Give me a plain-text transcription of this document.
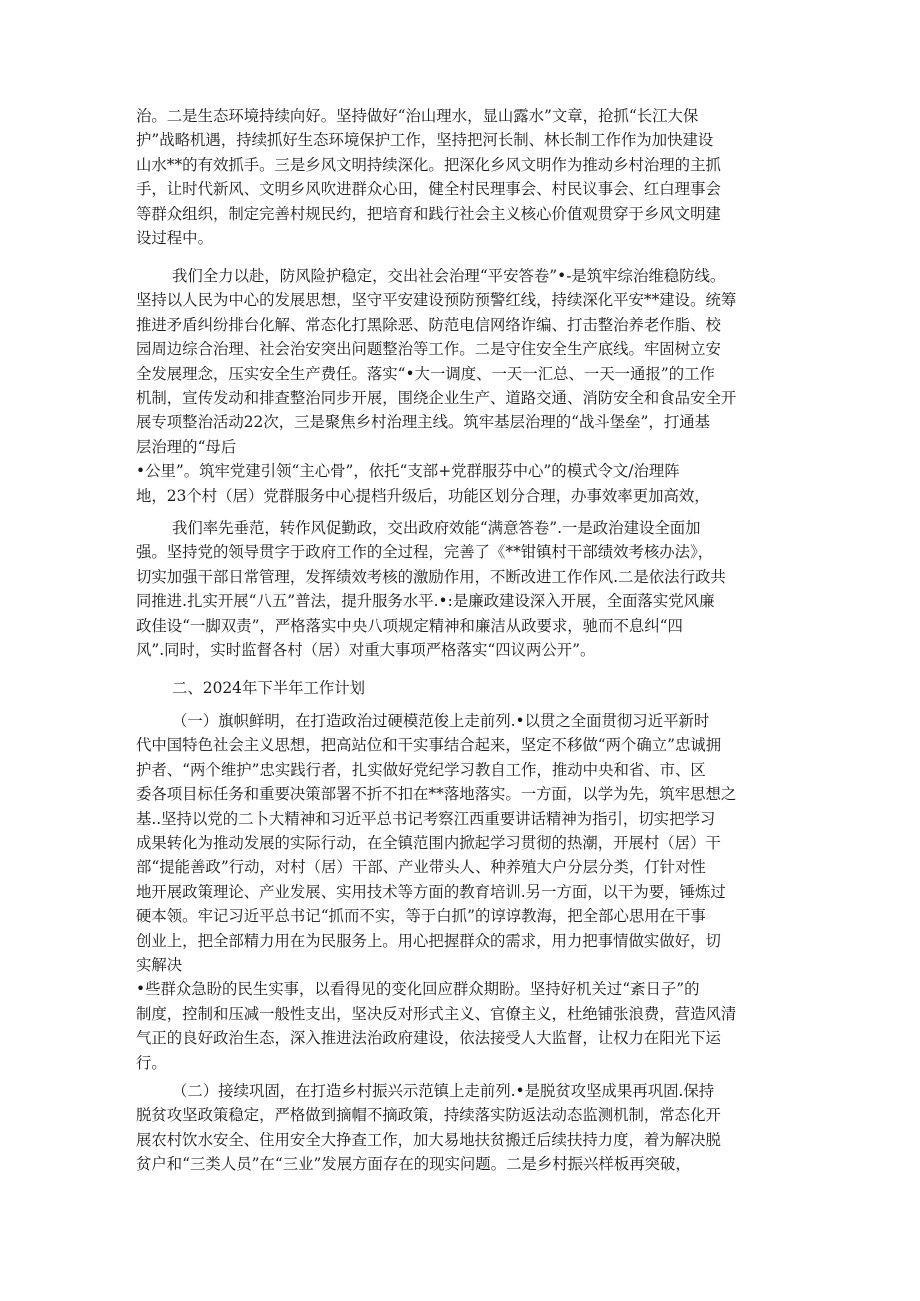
治。二是生态环境持续向好。坚持做好“治山理水，显山露水”文章，抢抓“长江大保
护”战略机遇，持续抓好生态环境保护工作，坚持把河长制、林长制工作作为加快建设
山水**的有效抓手。三是乡风文明持续深化。把深化乡风文明作为推动乡村治理的主抓
手，让时代新风、文明乡风吹进群众心田，健全村民理事会、村民议事会、红白理事会
等群众组织，制定完善村规民约，把培育和践行社会主义核心价值观贯穿于乡风文明建
设过程中。
我们全力以赴，防风险护稳定，交出社会治理“平安答卷”•-是筑牢综治维稳防线。
坚持以人民为中心的发展思想，坚守平安建设预防预警红线，持续深化平安**建设。统筹
推进矛盾纠纷排台化解、常态化打黑除恶、防范电信网络诈编、打击整治养老作脂、校
园周边综合治理、社会治安突出问题整治等工作。二是守住安全生产底线。牢固树立安
全发展理念，压实安全生产费任。落实“•大一调度、一天一汇总、一天一通报”的工作
机制，宣传发动和排查整治同步开展，围绕企业生产、道路交通、消防安全和食品安全开
展专项整治活动22次，三是聚焦乡村治理主线。筑牢基层治理的“战斗堡垒”，打通基
层治理的“母后
•公里”。筑牢党建引领“主心骨”，依托“支部+党群服芬中心”的模式令文/治理阵
地，23个村（居）党群服务中心提档升级后，功能区划分合理，办事效率更加高效，
我们率先垂范，转作风促勤政，交出政府效能“满意答卷”.一是政治建设全面加
强。坚持党的领导贯字于政府工作的全过程，完善了《**钳镇村干部绩效考核办法》，
切实加强干部日常管理，发挥绩效考核的激励作用，不断改进工作作风.二是依法行政共
同推进.扎实开展“八五”普法，提升服务水平.•:是廉政建设深入开展，全面落实党风廉
政佳设“一脚双责”，严格落实中央八项规定精神和廉洁从政要求，驰而不息纠“四
风”.同时，实时监督各村（居）对重大事项严格落实“四议两公开”。
二、2024年下半年工作计划
（一）旗帜鲜明，在打造政治过硬模范俊上走前列.•以贯之全面贯彻习近平新时
代中国特色社会主义思想，把高站位和干实事结合起来，坚定不移做“两个确立”忠诚拥
护者、“两个维护”忠实践行者，扎实做好党纪学习教自工作，推动中央和省、市、区
委各项目标任务和重要决策部署不折不扣在**落地落实。一方面，以学为先，筑牢思想之
基..坚持以党的二卜大精神和习近平总书记考察江西重要讲话精神为指引，切实把学习
成果转化为推动发展的实际行动，在全镇范围内掀起学习贯彻的热潮，开展村（居）干
部“提能善政”行动，对村（居）干部、产业带头人、种养殖大户分层分类，仃针对性
地开展政策理论、产业发展、实用技术等方面的教育培训.另一方面，以干为要，锤炼过
硬本领。牢记习近平总书记“抓而不实，等于白抓”的谆谆教海，把全部心思用在干事
创业上，把全部精力用在为民服务上。用心把握群众的需求，用力把事情做实做好，切
实解决
•些群众急盼的民生实事，以看得见的变化回应群众期盼。坚持好机关过“紊日子”的
制度，控制和压减一般性支出，坚决反对形式主义、官僚主义，杜绝铺张浪费，营造风清
气正的良好政治生态，深入推进法治政府建设，依法接受人大监督，让权力在阳光下运
行。
（二）接续巩固，在打造乡村振兴示范镇上走前列.•是脱贫攻坚成果再巩固.保持
脱贫攻坚政策稳定，严格做到摘帽不摘政策，持续落实防返法动态监测机制，常态化开
展农村饮水安全、住用安全大挣查工作，加大易地扶贫搬迁后续扶持力度，着为解决脱
贫户和“三类人员”在“三业”发展方面存在的现实问题。二是乡村振兴样板再突破，
